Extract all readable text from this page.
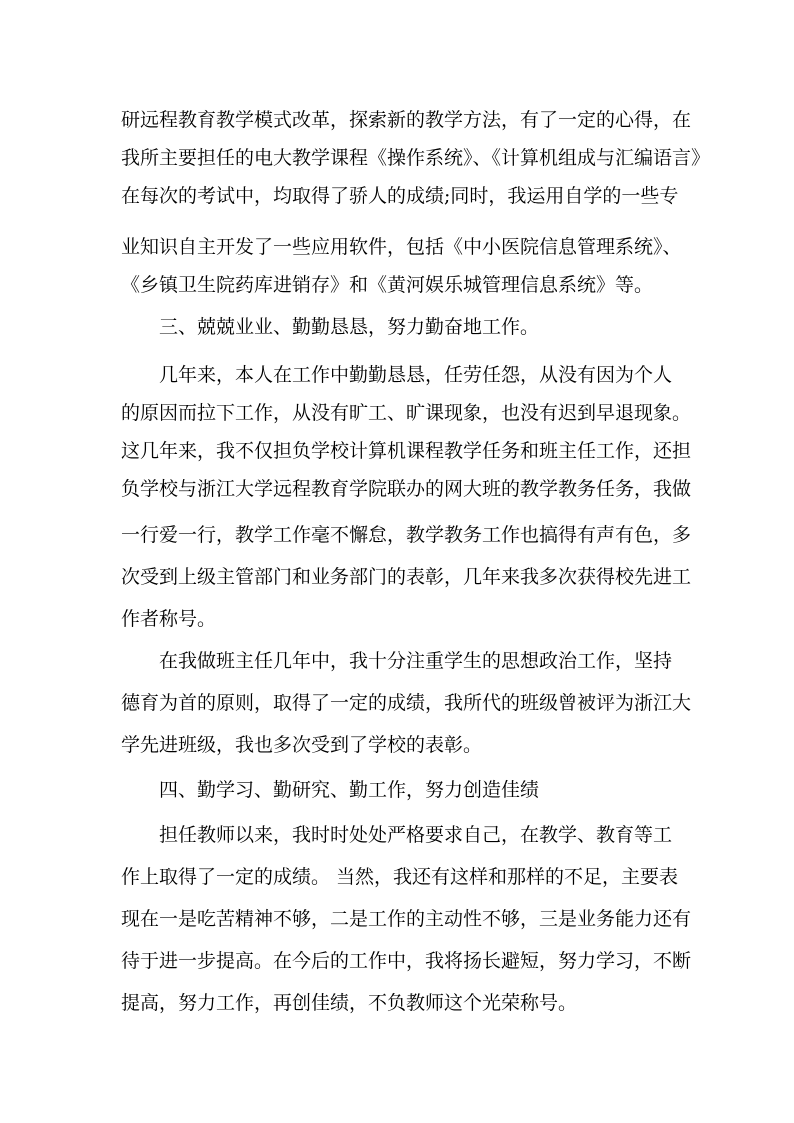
研远程教育教学模式改革，探索新的教学方法，有了一定的心得，在
我所主要担任的电大教学课程《操作系统》、《计算机组成与汇编语言》
在每次的考试中，均取得了骄人的成绩;同时，我运用自学的一些专
业知识自主开发了一些应用软件，包括《中小医院信息管理系统》、
《乡镇卫生院药库进销存》和《黄河娱乐城管理信息系统》等。
三、兢兢业业、勤勤恳恳，努力勤奋地工作。
几年来，本人在工作中勤勤恳恳，任劳任怨，从没有因为个人
的原因而拉下工作，从没有旷工、旷课现象，也没有迟到早退现象。
这几年来，我不仅担负学校计算机课程教学任务和班主任工作，还担
负学校与浙江大学远程教育学院联办的网大班的教学教务任务，我做
一行爱一行，教学工作毫不懈怠，教学教务工作也搞得有声有色，多
次受到上级主管部门和业务部门的表彰，几年来我多次获得校先进工
作者称号。
在我做班主任几年中，我十分注重学生的思想政治工作，坚持
德育为首的原则，取得了一定的成绩，我所代的班级曾被评为浙江大
学先进班级，我也多次受到了学校的表彰。
四、勤学习、勤研究、勤工作，努力创造佳绩
担任教师以来，我时时处处严格要求自己，在教学、教育等工
作上取得了一定的成绩。 当然，我还有这样和那样的不足，主要表
现在一是吃苦精神不够，二是工作的主动性不够，三是业务能力还有
待于进一步提高。在今后的工作中，我将扬长避短，努力学习，不断
提高，努力工作，再创佳绩，不负教师这个光荣称号。
